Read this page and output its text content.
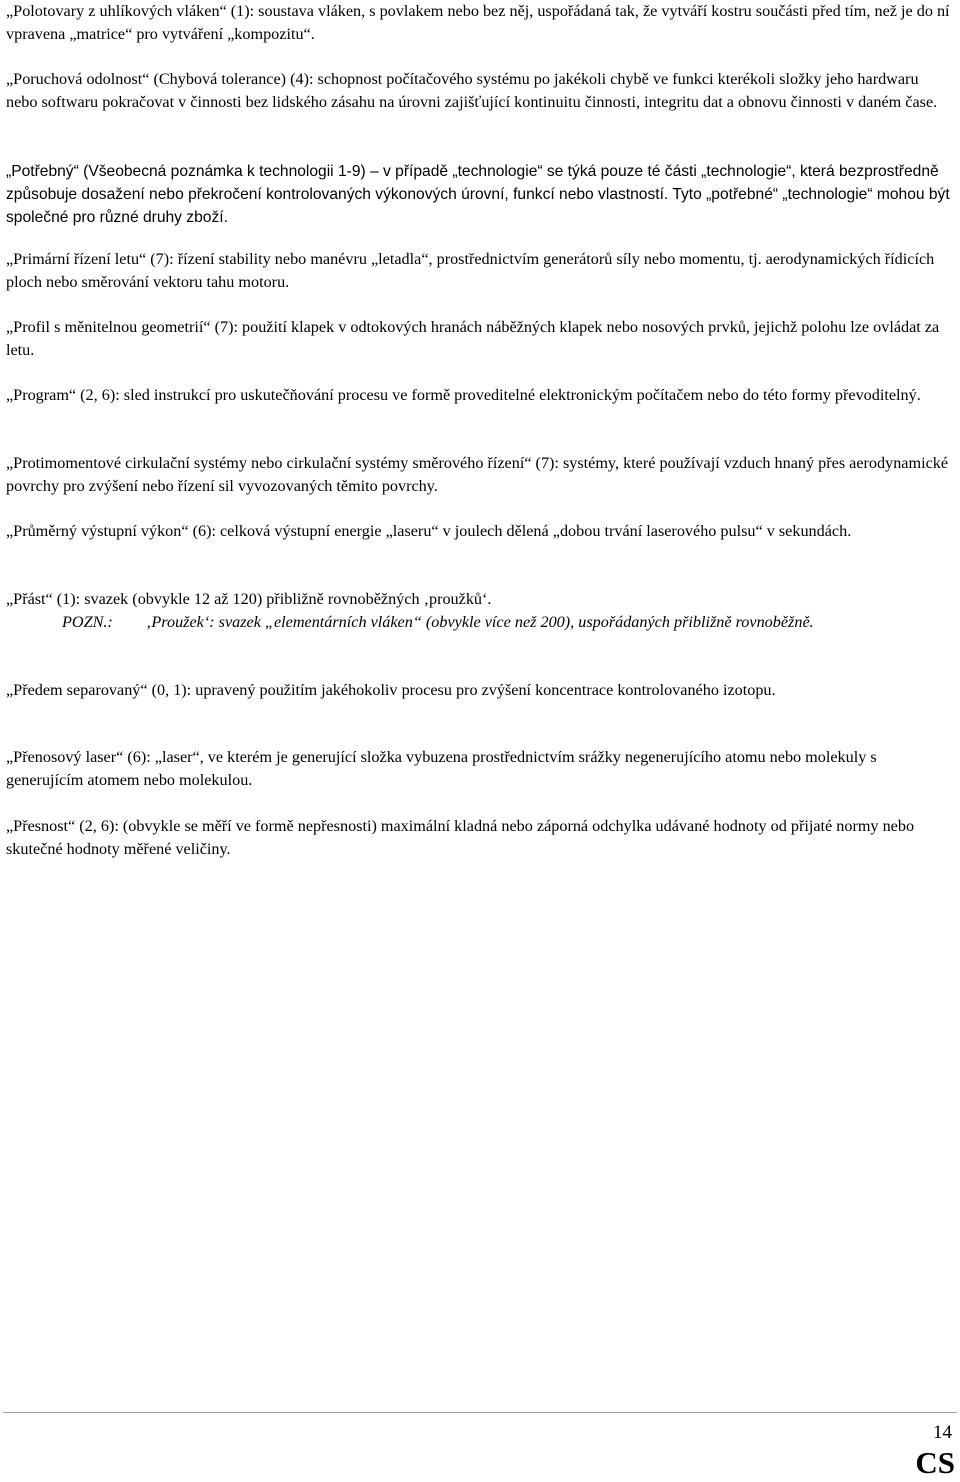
„Polotovary z uhlíkových vláken“ (1): soustava vláken, s povlakem nebo bez něj, uspořádaná tak, že vytváří kostru součásti před tím, než je do ní vpravena „matrice“ pro vytváření „kompozitu“.

„Poruchová odolnost“ (Chybová tolerance) (4): schopnost počítačového systému po jakékoli chybě ve funkci kterékoli složky jeho hardwaru nebo softwaru pokračovat v činnosti bez lidského zásahu na úrovni zajišťující kontinuitu činnosti, integritu dat a obnovu činnosti v daném čase.

„Potřebný“ (Všeobecná poznámka k technologii 1-9) – v případě „technologie“ se týká pouze té části „technologie“, která bezprostředně způsobuje dosažení nebo překročení kontrolovaných výkonových úrovní, funkcí nebo vlastností. Tyto „potřebné“ „technologie“ mohou být společné pro různé druhy zboží.

„Primární řízení letu“ (7): řízení stability nebo manévru „letadla“, prostřednictvím generátorů síly nebo momentu, tj. aerodynamických řídicích ploch nebo směrování vektoru tahu motoru.

„Profil s měnitelnou geometrií“ (7): použití klapek v odtokových hranách náběžných klapek nebo nosových prvků, jejichž polohu lze ovládat za letu.

„Program“ (2, 6): sled instrukcí pro uskutečňování procesu ve formě proveditelné elektronickým počítačem nebo do této formy převoditelný.

„Protimomentové cirkulační systémy nebo cirkulační systémy směrového řízení“ (7): systémy, které používají vzduch hnaný přes aerodynamické povrchy pro zvýšení nebo řízení sil vyvozovaných těmito povrchy.

„Průměrný výstupní výkon“ (6): celková výstupní energie „laseru“ v joulech dělená „dobou trvání laserového pulsu“ v sekundách.

„Přást“ (1): svazek (obvykle 12 až 120) přibližně rovnoběžných ‚proužků‘.

POZN.: ‚Proužek‘: svazek „elementárních vláken“ (obvykle více než 200), uspořádaných přibližně rovnoběžně.

„Předem separovaný“ (0, 1): upravený použitím jakéhokoliv procesu pro zvýšení koncentrace kontrolovaného izotopu.

„Přenosový laser“ (6): „laser“, ve kterém je generující složka vybuzena prostřednictvím srážky negenerujícího atomu nebo molekuly s generujícím atomem nebo molekulou.

„Přesnost“ (2, 6): (obvykle se měří ve formě nepřesnosti) maximální kladná nebo záporná odchylka udávané hodnoty od přijaté normy nebo skutečné hodnoty měřené veličiny.

14
CS
